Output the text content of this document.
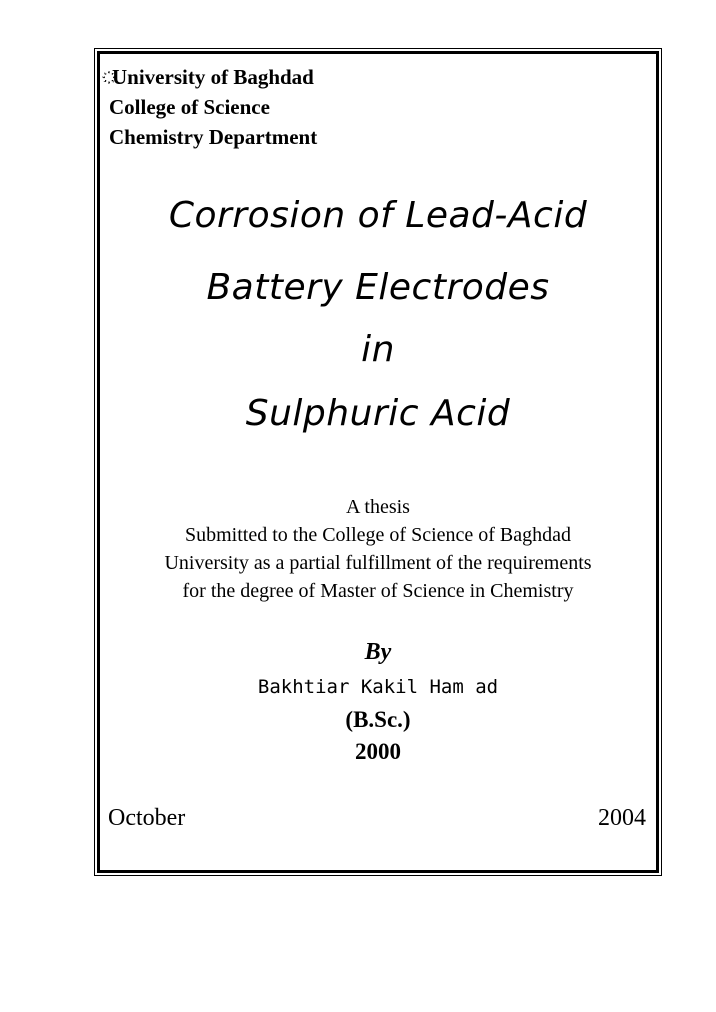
҉҉University of Baghdad
College of Science
Chemistry Department
Corrosion of Lead-Acid
Battery Electrodes
in
Sulphuric Acid
A thesis
Submitted to the College of Science of Baghdad
University as a partial fulfillment of the requirements
for the degree of Master of Science in Chemistry
By
Bakhtiar Kakil Ham ad
(B.Sc.)
2000
October	2004
